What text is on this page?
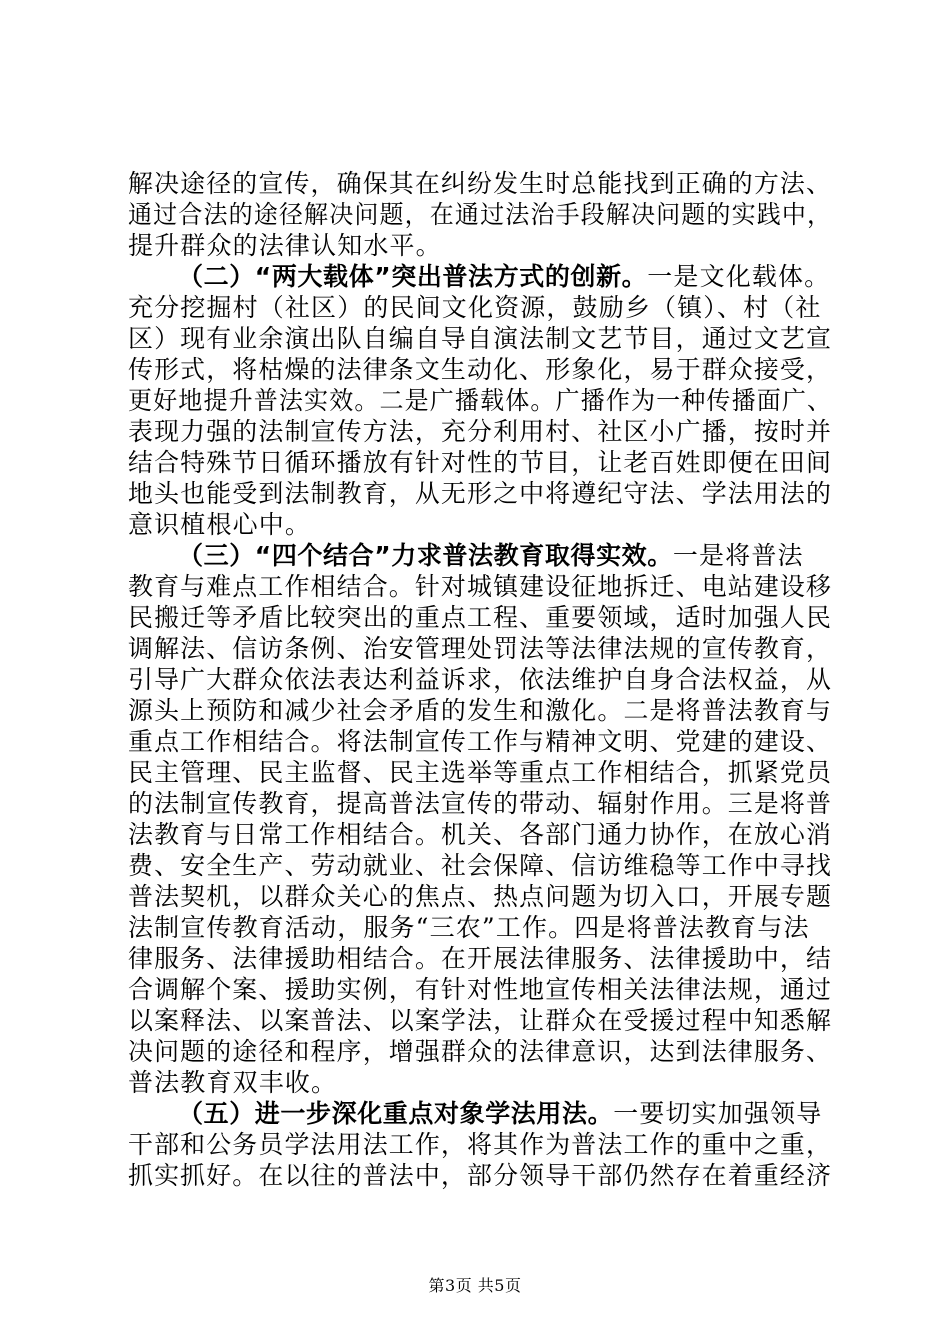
解决途径的宣传，确保其在纠纷发生时总能找到正确的方法、
通过合法的途径解决问题，在通过法治手段解决问题的实践中，
提升群众的法律认知水平。
（二）“两大载体”突出普法方式的创新。一是文化载体。
充分挖掘村（社区）的民间文化资源，鼓励乡（镇）、村（社
区）现有业余演出队自编自导自演法制文艺节目，通过文艺宣
传形式，将枯燥的法律条文生动化、形象化，易于群众接受，
更好地提升普法实效。二是广播载体。广播作为一种传播面广、
表现力强的法制宣传方法，充分利用村、社区小广播，按时并
结合特殊节日循环播放有针对性的节目，让老百姓即便在田间
地头也能受到法制教育，从无形之中将遵纪守法、学法用法的
意识植根心中。
（三）“四个结合”力求普法教育取得实效。一是将普法
教育与难点工作相结合。针对城镇建设征地拆迁、电站建设移
民搬迁等矛盾比较突出的重点工程、重要领域，适时加强人民
调解法、信访条例、治安管理处罚法等法律法规的宣传教育，
引导广大群众依法表达利益诉求，依法维护自身合法权益，从
源头上预防和减少社会矛盾的发生和激化。二是将普法教育与
重点工作相结合。将法制宣传工作与精神文明、党建的建设、
民主管理、民主监督、民主选举等重点工作相结合，抓紧党员
的法制宣传教育，提高普法宣传的带动、辐射作用。三是将普
法教育与日常工作相结合。机关、各部门通力协作，在放心消
费、安全生产、劳动就业、社会保障、信访维稳等工作中寻找
普法契机，以群众关心的焦点、热点问题为切入口，开展专题
法制宣传教育活动，服务“三农”工作。四是将普法教育与法
律服务、法律援助相结合。在开展法律服务、法律援助中，结
合调解个案、援助实例，有针对性地宣传相关法律法规，通过
以案释法、以案普法、以案学法，让群众在受援过程中知悉解
决问题的途径和程序，增强群众的法律意识，达到法律服务、
普法教育双丰收。
（五）进一步深化重点对象学法用法。一要切实加强领导
干部和公务员学法用法工作，将其作为普法工作的重中之重，
抓实抓好。在以往的普法中，部分领导干部仍然存在着重经济
第3页 共5页
